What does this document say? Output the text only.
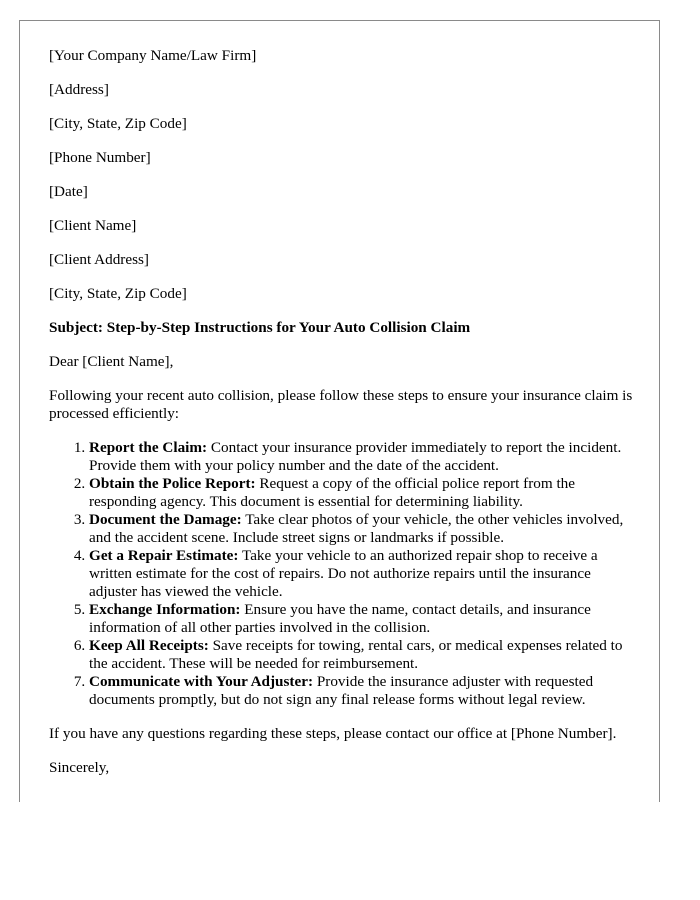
[Your Company Name/Law Firm]
[Address]
[City, State, Zip Code]
[Phone Number]
[Date]
[Client Name]
[Client Address]
[City, State, Zip Code]
Subject: Step-by-Step Instructions for Your Auto Collision Claim
Dear [Client Name],
Following your recent auto collision, please follow these steps to ensure your insurance claim is processed efficiently:
1. Report the Claim: Contact your insurance provider immediately to report the incident. Provide them with your policy number and the date of the accident.
2. Obtain the Police Report: Request a copy of the official police report from the responding agency. This document is essential for determining liability.
3. Document the Damage: Take clear photos of your vehicle, the other vehicles involved, and the accident scene. Include street signs or landmarks if possible.
4. Get a Repair Estimate: Take your vehicle to an authorized repair shop to receive a written estimate for the cost of repairs. Do not authorize repairs until the insurance adjuster has viewed the vehicle.
5. Exchange Information: Ensure you have the name, contact details, and insurance information of all other parties involved in the collision.
6. Keep All Receipts: Save receipts for towing, rental cars, or medical expenses related to the accident. These will be needed for reimbursement.
7. Communicate with Your Adjuster: Provide the insurance adjuster with requested documents promptly, but do not sign any final release forms without legal review.
If you have any questions regarding these steps, please contact our office at [Phone Number].
Sincerely,
